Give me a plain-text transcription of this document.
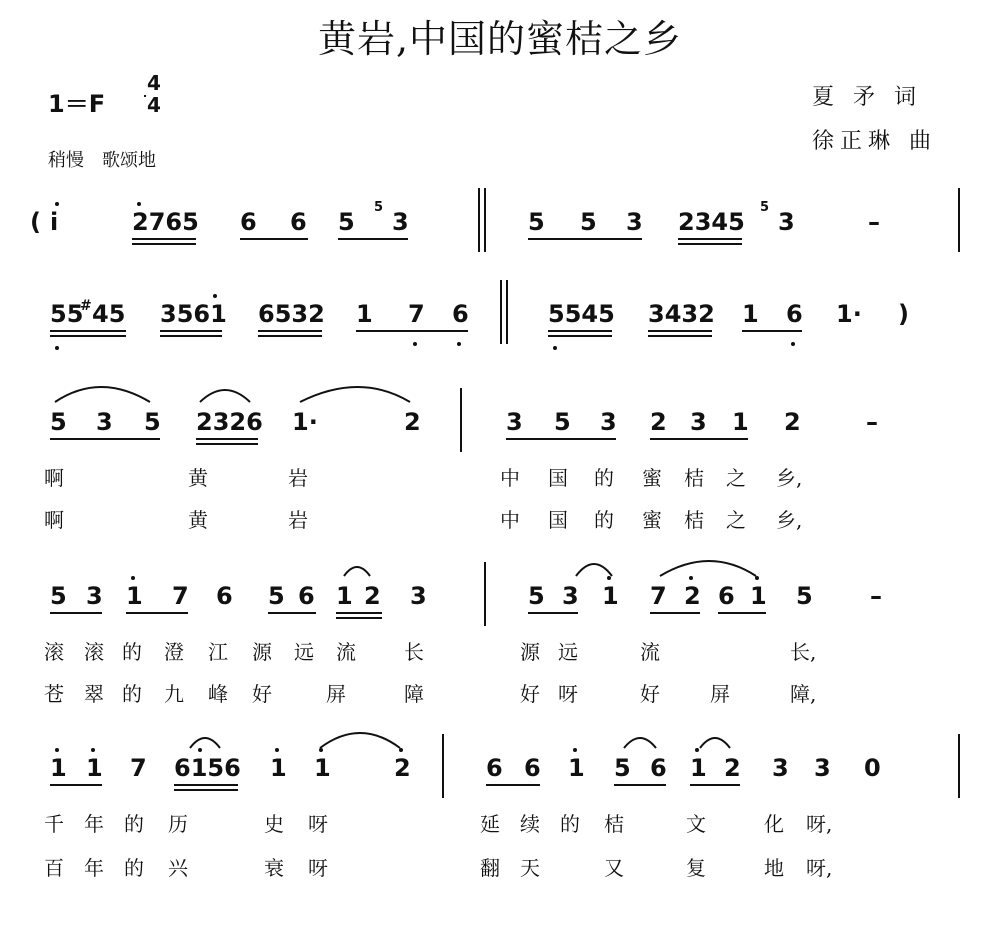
黄岩,中国的蜜桔之乡
1＝F
4
4
稍慢　歌颂地
夏 矛 词
徐正琳 曲
( i	2765 6 6 5
5
3	5 5 3 2345
5
3	–
55
# 45 3561 6532 1 7 6	5545 3432 1 6 1· )
5 3 5 2326 1·	2	3 5 3 2 3 1 2	–
啊	黄	岩	中 国 的 蜜 桔 之 乡,
啊	黄	岩	中 国 的 蜜 桔 之 乡,
5 3 1 7 6 5 6 1 2 3	5 3 1 7 2 6 1 5 –
滚 滚 的 澄 江 源 远 流 长	源 远	流	长,
苍 翠 的 九 峰 好	屏	障	好 呀	好	屏	障,
1 1 7 6156 1 1	2	6 6 1 5 6 1 2 3 3 0
千 年 的 历	史 呀	延 续 的 桔	文	化 呀,
百 年 的 兴	衰 呀	翻 天	又	复	地 呀,
